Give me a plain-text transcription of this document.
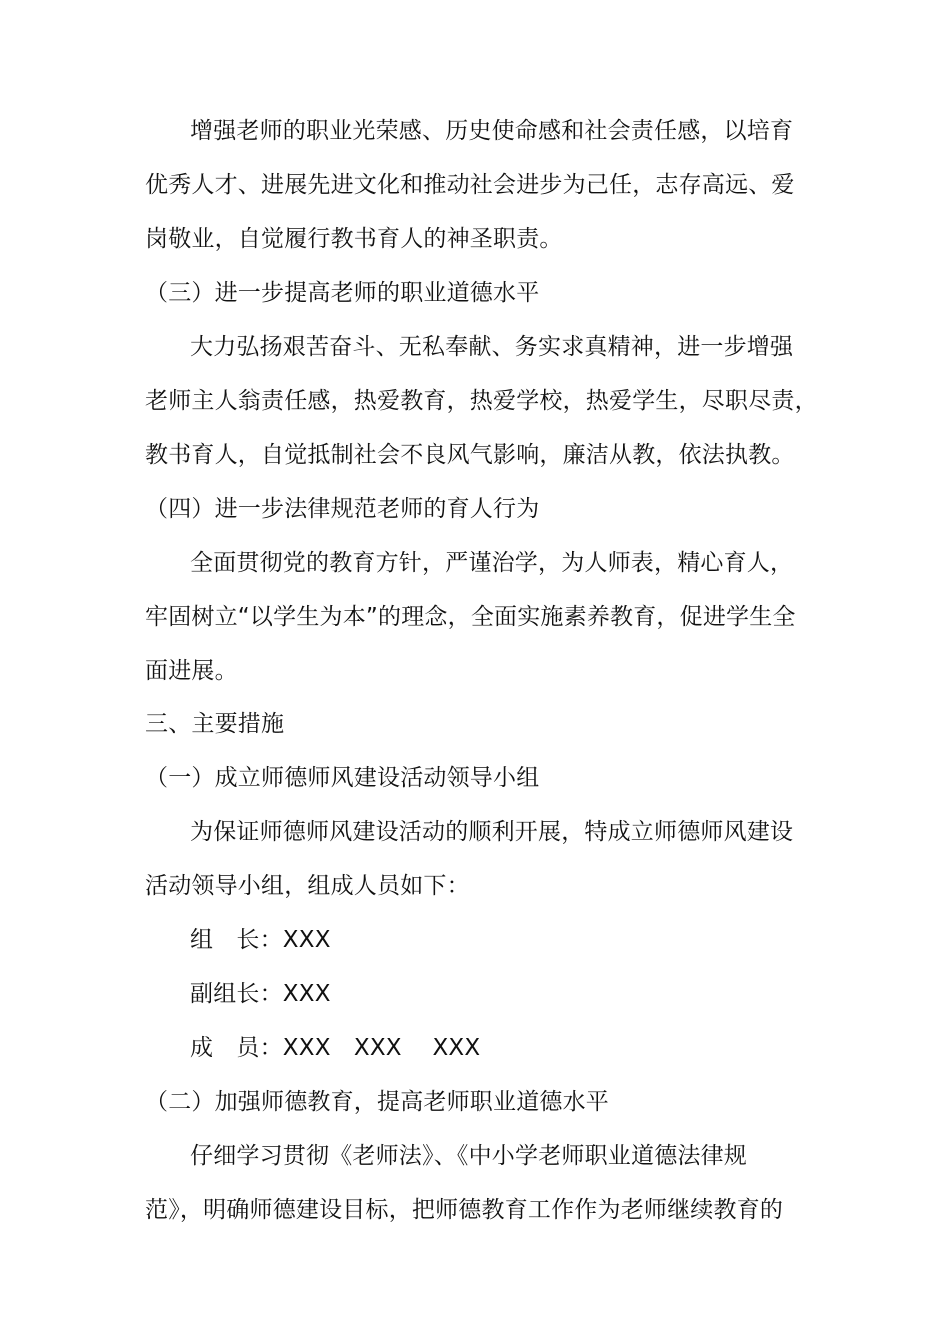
增强老师的职业光荣感、历史使命感和社会责任感，以培育
优秀人才、进展先进文化和推动社会进步为己任，志存高远、爱
岗敬业，自觉履行教书育人的神圣职责。
（三）进一步提高老师的职业道德水平
大力弘扬艰苦奋斗、无私奉献、务实求真精神，进一步增强
老师主人翁责任感，热爱教育，热爱学校，热爱学生，尽职尽责，
教书育人，自觉抵制社会不良风气影响，廉洁从教，依法执教。
（四）进一步法律规范老师的育人行为
全面贯彻党的教育方针，严谨治学，为人师表，精心育人，
牢固树立“以学生为本”的理念，全面实施素养教育，促进学生全
面进展。
三、主要措施
（一）成立师德师风建设活动领导小组
为保证师德师风建设活动的顺利开展，特成立师德师风建设
活动领导小组，组成人员如下：
组　长：XXX
副组长：XXX
成　员：XXX　XXX　 XXX
（二）加强师德教育，提高老师职业道德水平
仔细学习贯彻《老师法》、《中小学老师职业道德法律规
范》，明确师德建设目标，把师德教育工作作为老师继续教育的
